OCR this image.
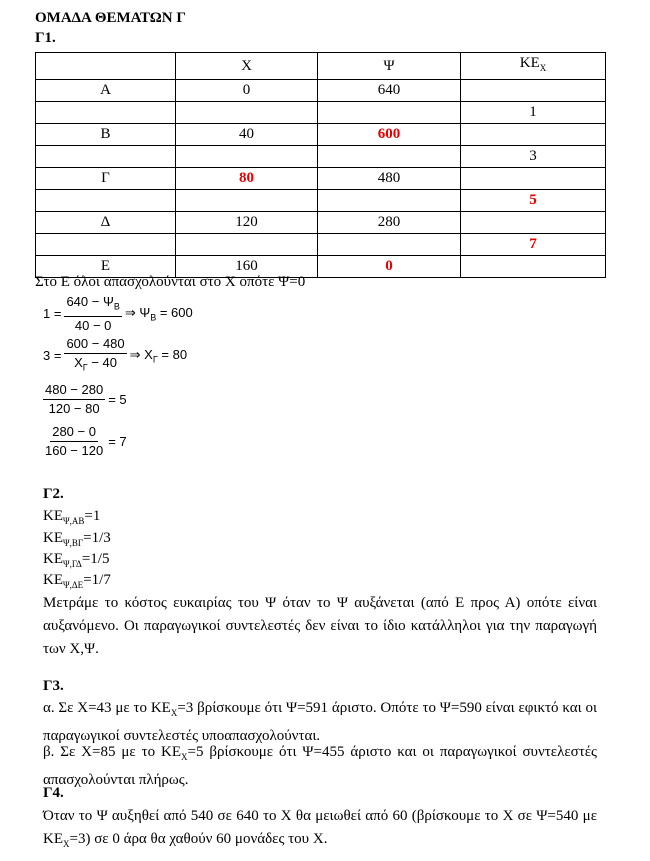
ΟΜΑΔΑ ΘΕΜΑΤΩΝ Γ
Γ1.
	X	Ψ	$KE_X$
Α	0	640	
			1
Β	40	600	
			3
Γ	80	480	
			5
Δ	120	280	
			7
Ε	160	0	
Στο Ε όλοι απασχολούνται στο Χ οπότε Ψ=0
$1 = \frac{640 - \Psi_B}{40 - 0}$ ⇒ $\Psi_B = 600$
$3 = \frac{600 - 480}{X_\Gamma - 40}$ ⇒ $X_\Gamma = 80$
$\frac{480 - 280}{120 - 80} = 5$
$\frac{280 - 0}{160 - 120} = 7$
Γ2.
$KE_{\Psi,AB}=1$
$KE_{\Psi,B\Gamma}=1/3$
$KE_{\Psi,\Gamma\Delta}=1/5$
$KE_{\Psi,\Delta E}=1/7$
Μετράμε το κόστος ευκαιρίας του Ψ όταν το Ψ αυξάνεται (από Ε προς Α) οπότε είναι αυξανόμενο. Οι παραγωγικοί συντελεστές δεν είναι το ίδιο κατάλληλοι για την παραγωγή των Χ,Ψ.
Γ3.
α. Σε Χ=43 με το $KE_X=3$ βρίσκουμε ότι Ψ=591 άριστο. Οπότε το Ψ=590 είναι εφικτό και οι παραγωγικοί συντελεστές υποαπασχολούνται.
β. Σε Χ=85 με το $KE_X=5$ βρίσκουμε ότι Ψ=455 άριστο και οι παραγωγικοί συντελεστές απασχολούνται πλήρως.
Γ4.
Όταν το Ψ αυξηθεί από 540 σε 640 το Χ θα μειωθεί από 60 (βρίσκουμε το Χ σε Ψ=540 με $KE_X=3$) σε 0 άρα θα χαθούν 60 μονάδες του Χ.
